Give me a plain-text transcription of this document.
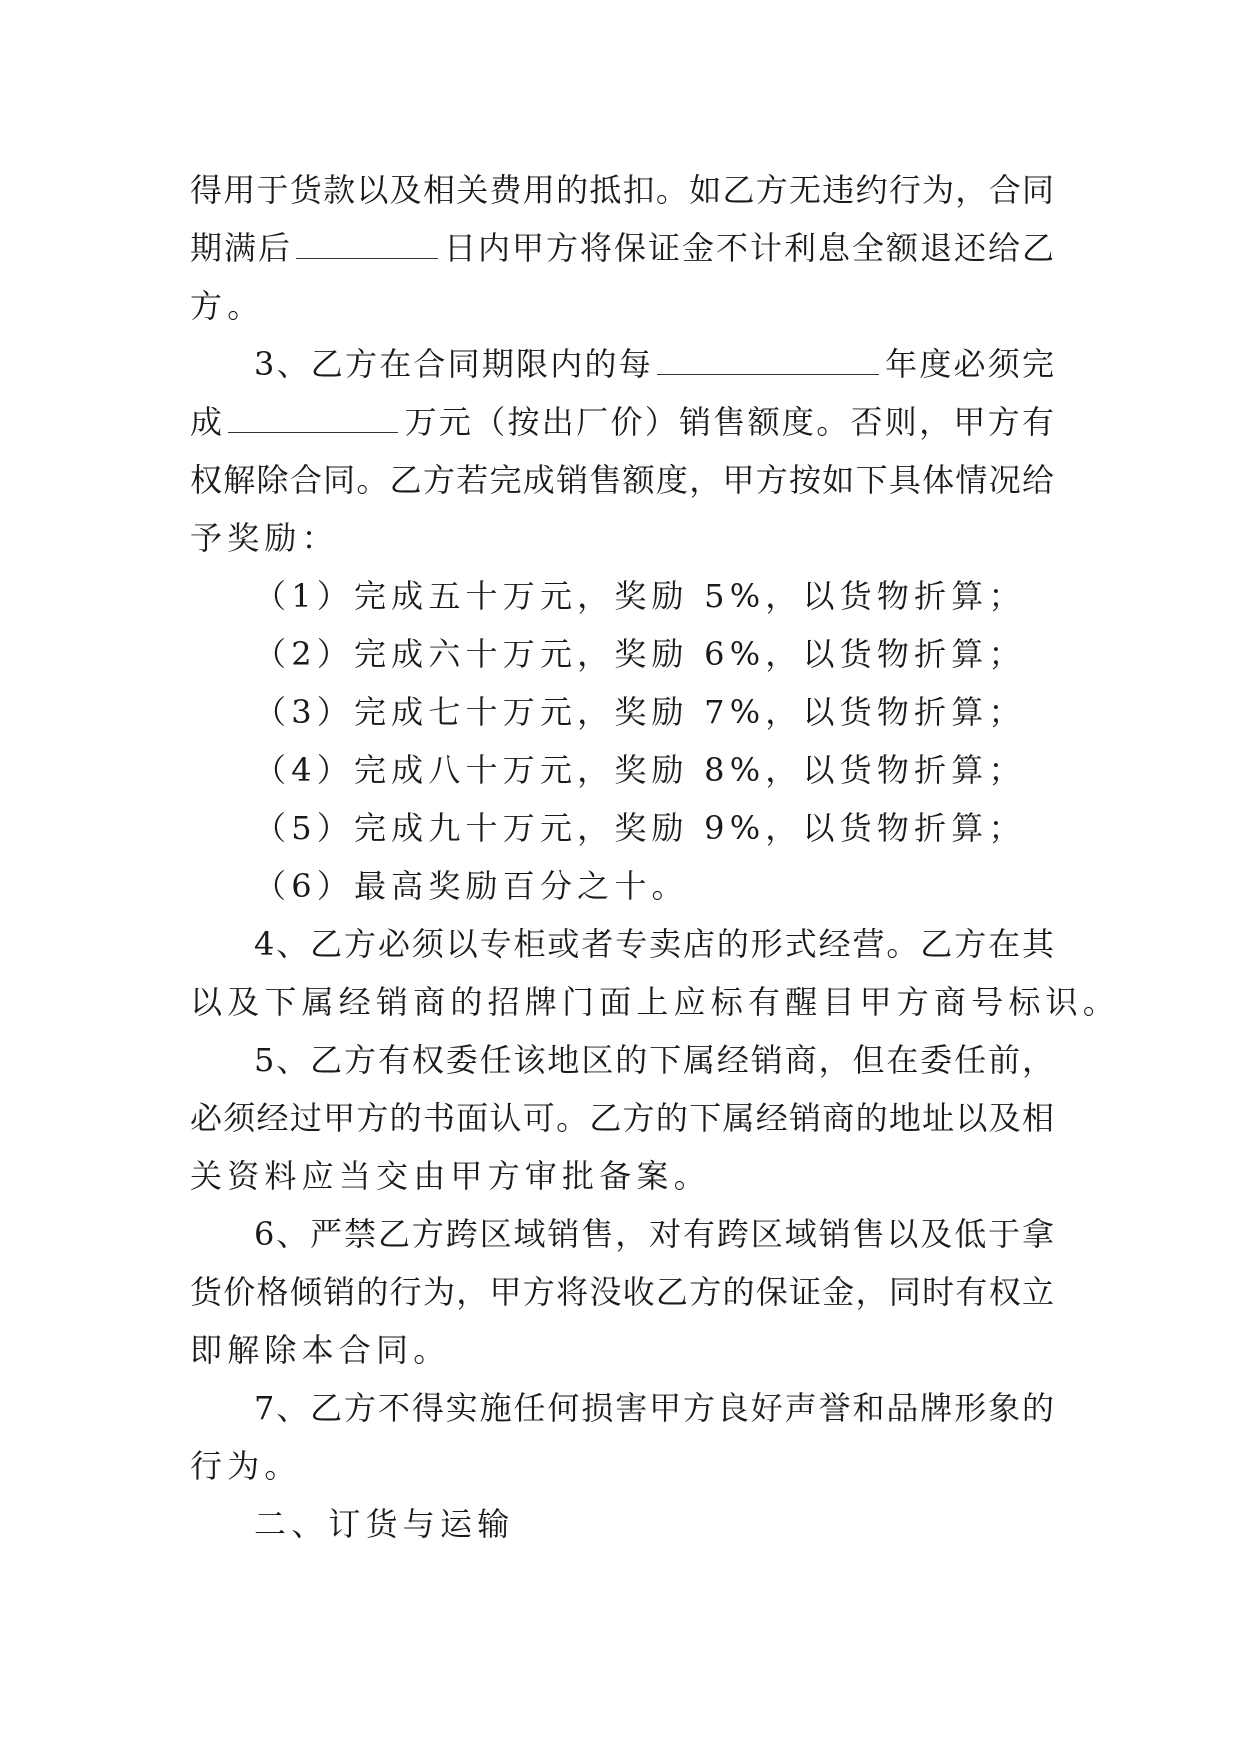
得用于货款以及相关费用的抵扣。如乙方无违约行为，合同
期满后	日内甲方将保证金不计利息全额退还给乙
方。
3、乙方在合同期限内的每	年度必须完
成	万元（按出厂价）销售额度。否则，甲方有
权解除合同。乙方若完成销售额度，甲方按如下具体情况给
予奖励：
（1）完成五十万元，奖励 5%，以货物折算；
（2）完成六十万元，奖励 6%，以货物折算；
（3）完成七十万元，奖励 7%，以货物折算；
（4）完成八十万元，奖励 8%，以货物折算；
（5）完成九十万元，奖励 9%，以货物折算；
（6）最高奖励百分之十。
4、乙方必须以专柜或者专卖店的形式经营。乙方在其
以及下属经销商的招牌门面上应标有醒目甲方商号标识。
5、乙方有权委任该地区的下属经销商，但在委任前，
必须经过甲方的书面认可。乙方的下属经销商的地址以及相
关资料应当交由甲方审批备案。
6、严禁乙方跨区域销售，对有跨区域销售以及低于拿
货价格倾销的行为，甲方将没收乙方的保证金，同时有权立
即解除本合同。
7、乙方不得实施任何损害甲方良好声誉和品牌形象的
行为。
二、订货与运输
